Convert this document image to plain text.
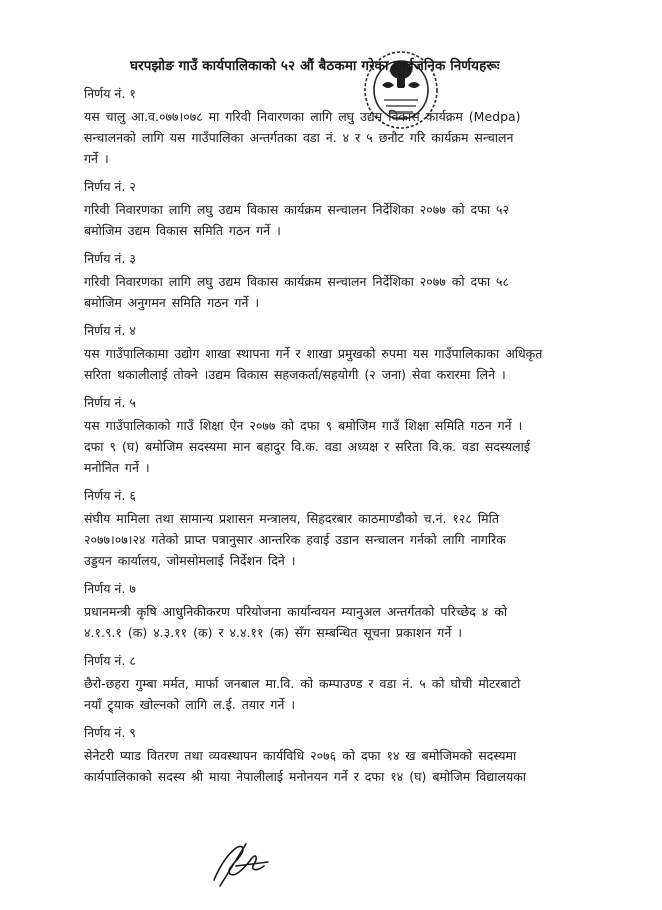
घरपझोङ गाउँ कार्यपालिकाको ५२ औं बैठकमा गरेका सार्वजनिक निर्णयहरूः
निर्णय नं. १
यस चालु आ.व.०७७।०७८ मा गरिवी निवारणका लागि लघु उद्यम विकास कार्यक्रम (Medpa)
सन्चालनको लागि यस गाउँपालिका अन्तर्गतका वडा नं. ४ र ५ छनौट गरि कार्यक्रम सन्चालन
गर्ने ।
निर्णय नं. २
गरिवी निवारणका लागि लघु उद्यम विकास कार्यक्रम सन्चालन निर्देशिका २०७७ को दफा ५२
बमोजिम उद्यम विकास समिति गठन गर्ने ।
निर्णय नं. ३
गरिवी निवारणका लागि लघु उद्यम विकास कार्यक्रम सन्चालन निर्देशिका २०७७ को दफा ५८
बमोजिम अनुगमन समिति गठन गर्ने ।
निर्णय नं. ४
यस गाउँपालिकामा उद्योग शाखा स्थापना गर्ने र शाखा प्रमुखको रुपमा यस गाउँपालिकाका अधिकृत
सरिता थकालीलाई तोक्ने ।उद्यम विकास सहजकर्ता/सहयोगी (२ जना) सेवा करारमा लिने ।
निर्णय नं. ५
यस गाउँपालिकाको गाउँ शिक्षा ऐन २०७७ को दफा ९ बमोजिम गाउँ शिक्षा समिति गठन गर्ने ।
दफा ९ (घ) बमोजिम सदस्यमा मान बहादुर वि.क. वडा अध्यक्ष र सरिता वि.क. वडा सदस्यलाई
मनोनित गर्ने ।
निर्णय नं. ६
संघीय मामिला तथा सामान्य प्रशासन मन्त्रालय, सिहदरबार काठमाण्डौको च.नं. १२८ मिति
२०७७।०७।२४ गतेको प्राप्त पत्रानुसार आन्तरिक हवाई उडान सन्चालन गर्नको लागि नागरिक
उड्डयन कार्यालय, जोमसोमलाई निर्देशन दिने ।
निर्णय नं. ७
प्रधानमन्त्री कृषि आधुनिकीकरण परियोजना कार्यान्वयन म्यानुअल अन्तर्गतको परिच्छेद ४ को
४.१.९.१ (क) ४.३.११ (क) र ४.४.११ (क) सँग सम्बन्धित सूचना प्रकाशन गर्ने ।
निर्णय नं. ८
छैरो-छहरा गुम्बा मर्मत, मार्फा जनबाल मा.वि. को कम्पाउण्ड र वडा नं. ५ को घोची मोटरबाटो
नयाँ ट्र्याक खोल्नको लागि ल.ई. तयार गर्ने ।
निर्णय नं. ९
सेनेटरी प्याड वितरण तथा व्यवस्थापन कार्यविधि २०७६ को दफा १४ ख बमोजिमको सदस्यमा
कार्यपालिकाको सदस्य श्री माया नेपालीलाई मनोनयन गर्ने र दफा १४ (घ) बमोजिम विद्यालयका
